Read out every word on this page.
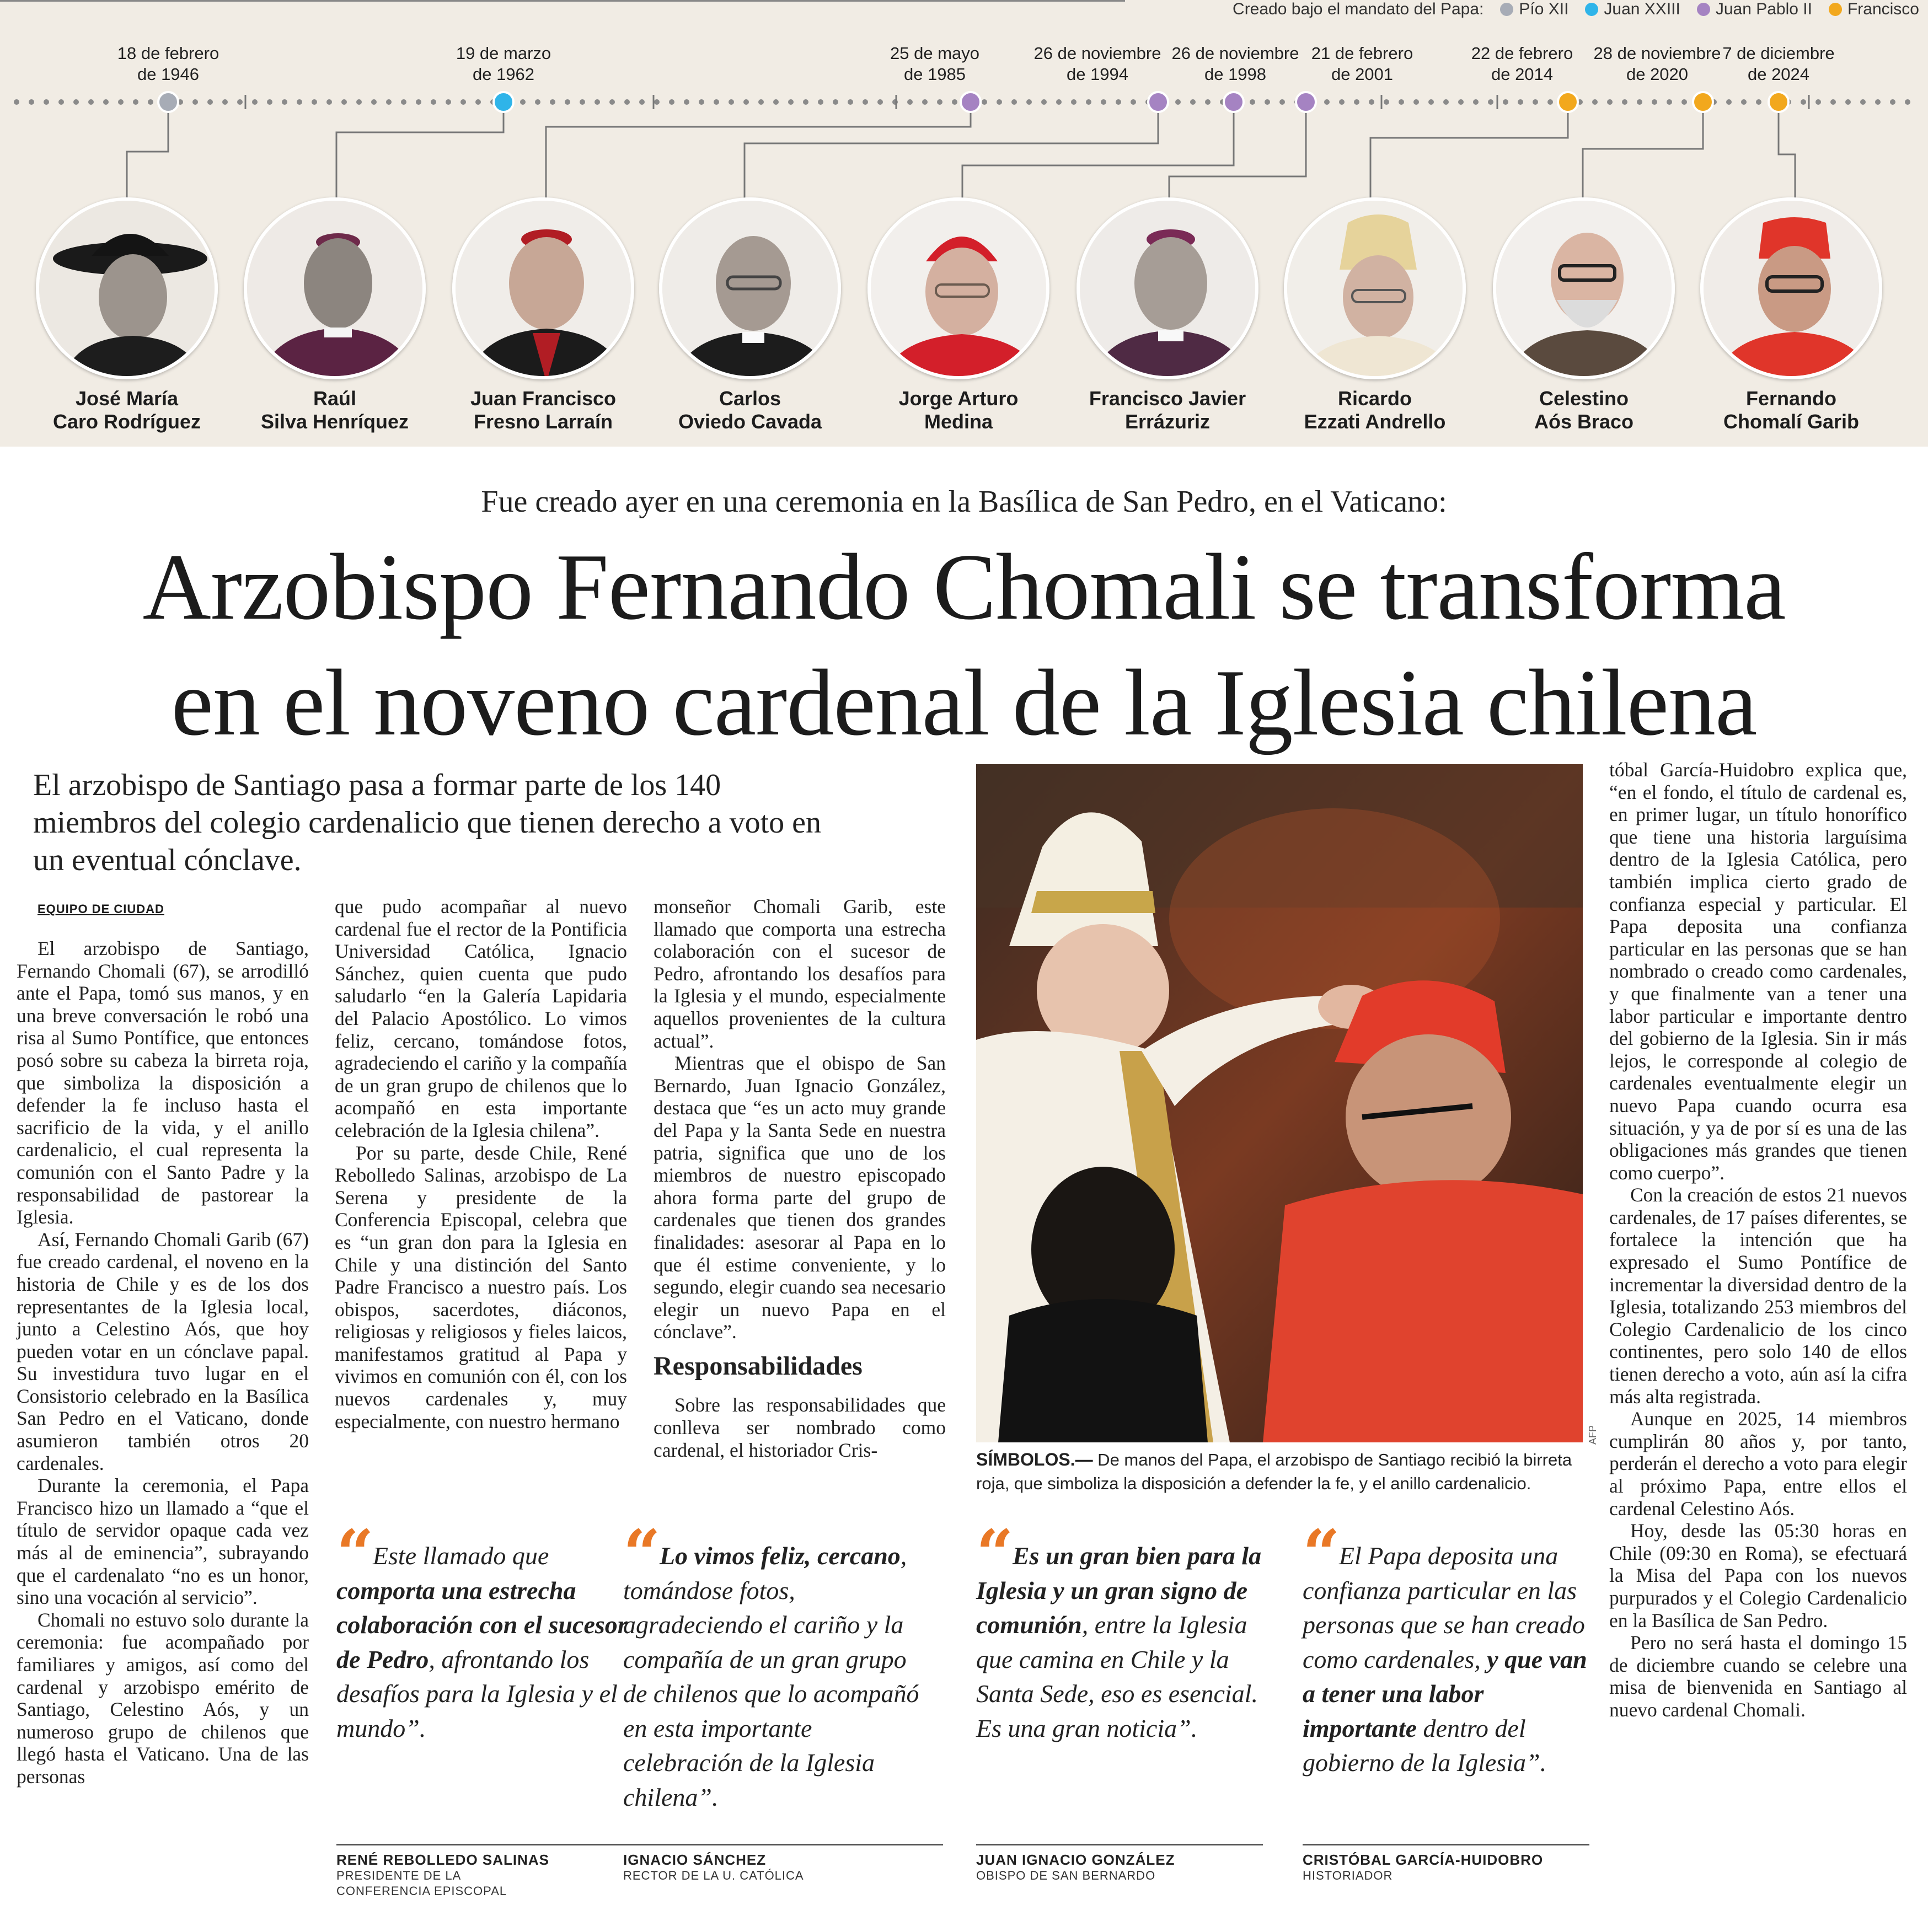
Creado bajo el mandato del Papa: Pío XII Juan XXIII Juan Pablo II Francisco
18 de febrero
de 1946
19 de marzo
de 1962
25 de mayo
de 1985
26 de noviembre
de 1994
26 de noviembre
de 1998
21 de febrero
de 2001
22 de febrero
de 2014
28 de noviembre
de 2020
7 de diciembre
de 2024
José María
Caro Rodríguez
Raúl
Silva Henríquez
Juan Francisco
Fresno Larraín
Carlos
Oviedo Cavada
Jorge Arturo
Medina
Francisco Javier
Errázuriz
Ricardo
Ezzati Andrello
Celestino
Aós Braco
Fernando
Chomalí Garib
Fue creado ayer en una ceremonia en la Basílica de San Pedro, en el Vaticano:
Arzobispo Fernando Chomali se transforma
en el noveno cardenal de la Iglesia chilena
El arzobispo de Santiago pasa a formar parte de los 140 miembros del colegio cardenalicio que tienen derecho a voto en un eventual cónclave.
EQUIPO DE CIUDAD

El arzobispo de Santiago, Fernando Chomali (67), se arrodilló ante el Papa, tomó sus manos, y en una breve conversación le robó una risa al Sumo Pontífice, que entonces posó sobre su cabeza la birreta roja, que simboliza la disposición a defender la fe incluso hasta el sacrificio de la vida, y el anillo cardenalicio, el cual representa la comunión con el Santo Padre y la responsabilidad de pastorear la Iglesia.

Así, Fernando Chomali Garib (67) fue creado cardenal, el noveno en la historia de Chile y es de los dos representantes de la Iglesia local, junto a Celestino Aós, que hoy pueden votar en un cónclave papal. Su investidura tuvo lugar en el Consistorio celebrado en la Basílica San Pedro en el Vaticano, donde asumieron también otros 20 cardenales.

Durante la ceremonia, el Papa Francisco hizo un llamado a “que el título de servidor opaque cada vez más al de eminencia”, subrayando que el cardenalato “no es un honor, sino una vocación al servicio”.

Chomali no estuvo solo durante la ceremonia: fue acompañado por familiares y amigos, así como del cardenal y arzobispo emérito de Santiago, Celestino Aós, y un numeroso grupo de chilenos que llegó hasta el Vaticano. Una de las personas

que pudo acompañar al nuevo cardenal fue el rector de la Pontificia Universidad Católica, Ignacio Sánchez, quien cuenta que pudo saludarlo “en la Galería Lapidaria del Palacio Apostólico. Lo vimos feliz, cercano, tomándose fotos, agradeciendo el cariño y la compañía de un gran grupo de chilenos que lo acompañó en esta importante celebración de la Iglesia chilena”.

Por su parte, desde Chile, René Rebolledo Salinas, arzobispo de La Serena y presidente de la Conferencia Episcopal, celebra que es “un gran don para la Iglesia en Chile y una distinción del Santo Padre Francisco a nuestro país. Los obispos, sacerdotes, diáconos, religiosas y religiosos y fieles laicos, manifestamos gratitud al Papa y vivimos en comunión con él, con los nuevos cardenales y, muy especialmente, con nuestro hermano

monseñor Chomali Garib, este llamado que comporta una estrecha colaboración con el sucesor de Pedro, afrontando los desafíos para la Iglesia y el mundo, especialmente aquellos provenientes de la cultura actual”.

Mientras que el obispo de San Bernardo, Juan Ignacio González, destaca que “es un acto muy grande del Papa y la Santa Sede en nuestra patria, significa que uno de los miembros de nuestro episcopado ahora forma parte del grupo de cardenales que tienen dos grandes finalidades: asesorar al Papa en lo que él estime conveniente, y lo segundo, elegir cuando sea necesario elegir un nuevo Papa en el cónclave”.

Responsabilidades

Sobre las responsabilidades que conlleva ser nombrado como cardenal, el historiador Cris-

tóbal García-Huidobro explica que, “en el fondo, el título de cardenal es, en primer lugar, un título honorífico que tiene una historia larguísima dentro de la Iglesia Católica, pero también implica cierto grado de confianza especial y particular. El Papa deposita una confianza particular en las personas que se han nombrado o creado como cardenales, y que finalmente van a tener una labor particular e importante dentro del gobierno de la Iglesia. Sin ir más lejos, le corresponde al colegio de cardenales eventualmente elegir un nuevo Papa cuando ocurra esa situación, y ya de por sí es una de las obligaciones más grandes que tienen como cuerpo”.

Con la creación de estos 21 nuevos cardenales, de 17 países diferentes, se fortalece la intención que ha expresado el Sumo Pontífice de incrementar la diversidad dentro de la Iglesia, totalizando 253 miembros del Colegio Cardenalicio de los cinco continentes, pero solo 140 de ellos tienen derecho a voto, aún así la cifra más alta registrada.

Aunque en 2025, 14 miembros cumplirán 80 años y, por tanto, perderán el derecho a voto para elegir al próximo Papa, entre ellos el cardenal Celestino Aós.

Hoy, desde las 05:30 horas en Chile (09:30 en Roma), se efectuará la Misa del Papa con los nuevos purpurados y el Colegio Cardenalicio en la Basílica de San Pedro.

Pero no será hasta el domingo 15 de diciembre cuando se celebre una misa de bienvenida en Santiago al nuevo cardenal Chomali.

AFP
SÍMBOLOS.— De manos del Papa, el arzobispo de Santiago recibió la birreta roja, que simboliza la disposición a defender la fe, y el anillo cardenalicio.
“ Este llamado que comporta una estrecha colaboración con el sucesor de Pedro, afrontando los desafíos para la Iglesia y el mundo”.
RENÉ REBOLLEDO SALINAS
PRESIDENTE DE LA CONFERENCIA EPISCOPAL
“ Lo vimos feliz, cercano, tomándose fotos, agradeciendo el cariño y la compañía de un gran grupo de chilenos que lo acompañó en esta importante celebración de la Iglesia chilena”.
IGNACIO SÁNCHEZ
RECTOR DE LA U. CATÓLICA
“ Es un gran bien para la Iglesia y un gran signo de comunión, entre la Iglesia que camina en Chile y la Santa Sede, eso es esencial. Es una gran noticia”.
JUAN IGNACIO GONZÁLEZ
OBISPO DE SAN BERNARDO
“ El Papa deposita una confianza particular en las personas que se han creado como cardenales, y que van a tener una labor importante dentro del gobierno de la Iglesia”.
CRISTÓBAL GARCÍA-HUIDOBRO
HISTORIADOR
